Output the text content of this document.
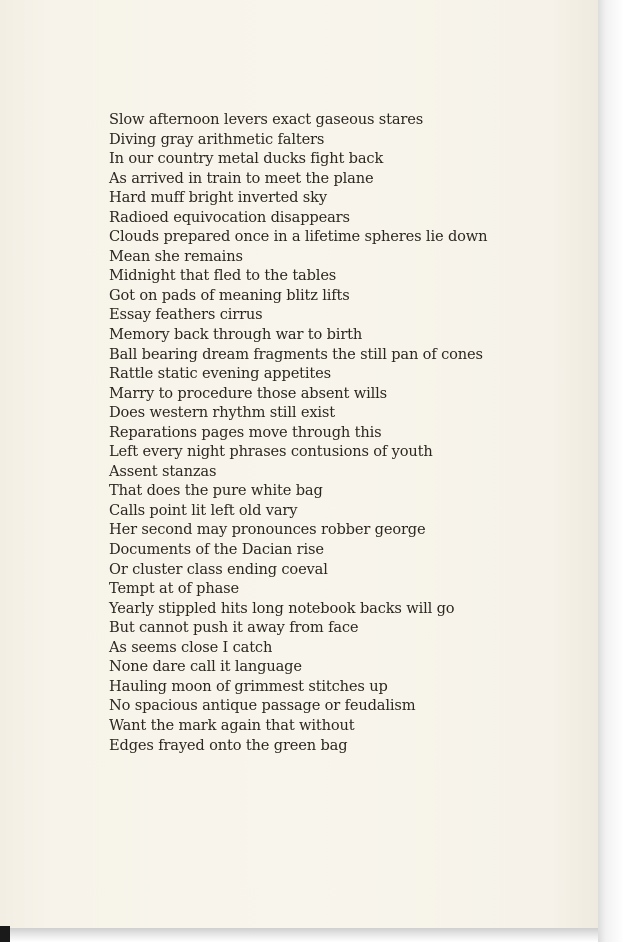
Slow afternoon levers exact gaseous stares
Diving gray arithmetic falters
In our country metal ducks fight back
As arrived in train to meet the plane
Hard muff bright inverted sky
Radioed equivocation disappears
Clouds prepared once in a lifetime spheres lie down
Mean she remains
Midnight that fled to the tables
Got on pads of meaning blitz lifts
Essay feathers cirrus
Memory back through war to birth
Ball bearing dream fragments the still pan of cones
Rattle static evening appetites
Marry to procedure those absent wills
Does western rhythm still exist
Reparations pages move through this
Left every night phrases contusions of youth
Assent stanzas
That does the pure white bag
Calls point lit left old vary
Her second may pronounces robber george
Documents of the Dacian rise
Or cluster class ending coeval
Tempt at of phase
Yearly stippled hits long notebook backs will go
But cannot push it away from face
As seems close I catch
None dare call it language
Hauling moon of grimmest stitches up
No spacious antique passage or feudalism
Want the mark again that without
Edges frayed onto the green bag
